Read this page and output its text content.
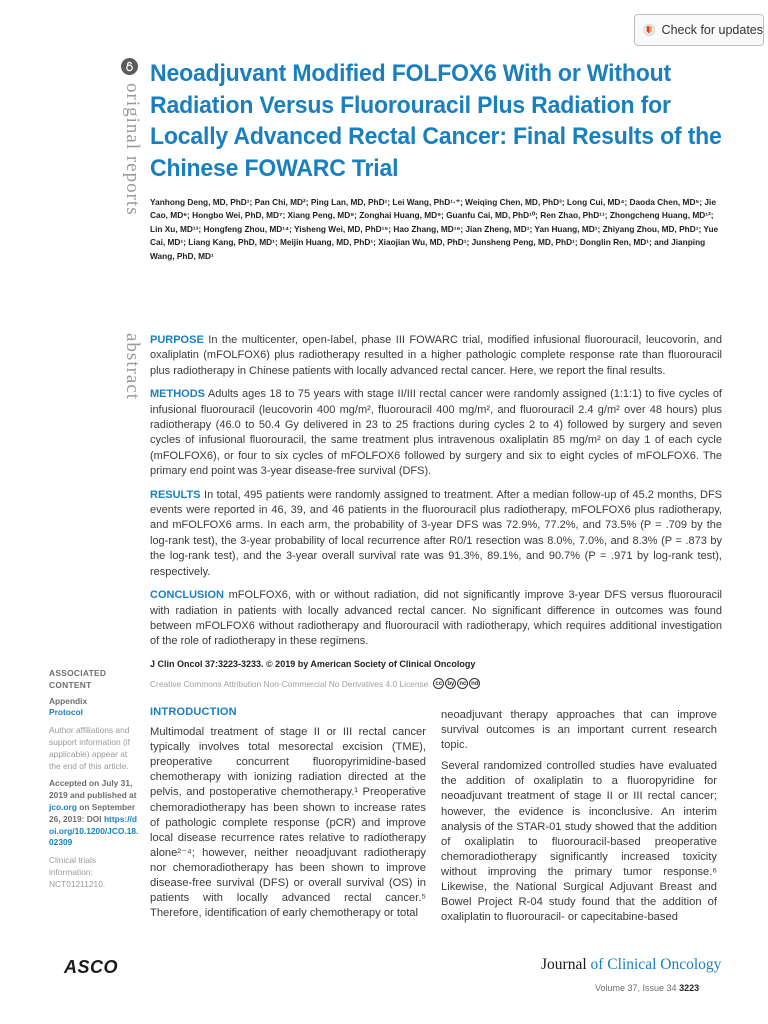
Check for updates
original reports
abstract
Neoadjuvant Modified FOLFOX6 With or Without Radiation Versus Fluorouracil Plus Radiation for Locally Advanced Rectal Cancer: Final Results of the Chinese FOWARC Trial
Yanhong Deng, MD, PhD¹; Pan Chi, MD²; Ping Lan, MD, PhD¹; Lei Wang, PhD¹·⁺; Weiqing Chen, MD, PhD³; Long Cui, MD⁴; Daoda Chen, MD⁵; Jie Cao, MD⁶; Hongbo Wei, PhD, MD⁷; Xiang Peng, MD⁸; Zonghai Huang, MD⁹; Guanfu Cai, MD, PhD¹⁰; Ren Zhao, PhD¹¹; Zhongcheng Huang, MD¹²; Lin Xu, MD¹³; Hongfeng Zhou, MD¹⁴; Yisheng Wei, MD, PhD¹⁵; Hao Zhang, MD¹⁶; Jian Zheng, MD¹; Yan Huang, MD¹; Zhiyang Zhou, MD, PhD¹; Yue Cai, MD¹; Liang Kang, PhD, MD¹; Meijin Huang, MD, PhD¹; Xiaojian Wu, MD, PhD¹; Junsheng Peng, MD, PhD¹; Donglin Ren, MD¹; and Jianping Wang, PhD, MD¹

PURPOSE In the multicenter, open-label, phase III FOWARC trial, modified infusional fluorouracil, leucovorin, and oxaliplatin (mFOLFOX6) plus radiotherapy resulted in a higher pathologic complete response rate than fluorouracil plus radiotherapy in Chinese patients with locally advanced rectal cancer. Here, we report the final results.

METHODS Adults ages 18 to 75 years with stage II/III rectal cancer were randomly assigned (1:1:1) to five cycles of infusional fluorouracil (leucovorin 400 mg/m², fluorouracil 400 mg/m², and fluorouracil 2.4 g/m² over 48 hours) plus radiotherapy (46.0 to 50.4 Gy delivered in 23 to 25 fractions during cycles 2 to 4) followed by surgery and seven cycles of infusional fluorouracil, the same treatment plus intravenous oxaliplatin 85 mg/m² on day 1 of each cycle (mFOLFOX6), or four to six cycles of mFOLFOX6 followed by surgery and six to eight cycles of mFOLFOX6. The primary end point was 3-year disease-free survival (DFS).

RESULTS In total, 495 patients were randomly assigned to treatment. After a median follow-up of 45.2 months, DFS events were reported in 46, 39, and 46 patients in the fluorouracil plus radiotherapy, mFOLFOX6 plus radiotherapy, and mFOLFOX6 arms. In each arm, the probability of 3-year DFS was 72.9%, 77.2%, and 73.5% (P = .709 by the log-rank test), the 3-year probability of local recurrence after R0/1 resection was 8.0%, 7.0%, and 8.3% (P = .873 by the log-rank test), and the 3-year overall survival rate was 91.3%, 89.1%, and 90.7% (P = .971 by log-rank test), respectively.

CONCLUSION mFOLFOX6, with or without radiation, did not significantly improve 3-year DFS versus fluorouracil with radiation in patients with locally advanced rectal cancer. No significant difference in outcomes was found between mFOLFOX6 without radiotherapy and fluorouracil with radiotherapy, which requires additional investigation of the role of radiotherapy in these regimens.

J Clin Oncol 37:3223-3233. © 2019 by American Society of Clinical Oncology
Creative Commons Attribution Non-Commercial No Derivatives 4.0 License	cc by nc nd
ASSOCIATED
CONTENT
Appendix
Protocol
Author affiliations and support information (if applicable) appear at the end of this article.
Accepted on July 31, 2019 and published at jco.org on September 26, 2019: DOI https://doi.org/10.1200/JCO.18.02309
Clinical trials information: NCT01211210.
INTRODUCTION

Multimodal treatment of stage II or III rectal cancer typically involves total mesorectal excision (TME), preoperative concurrent fluoropyrimidine-based chemotherapy with ionizing radiation directed at the pelvis, and postoperative chemotherapy.¹ Preoperative chemoradiotherapy has been shown to increase rates of pathologic complete response (pCR) and improve local disease recurrence rates relative to radiotherapy alone²⁻⁴; however, neither neoadjuvant radiotherapy nor chemoradiotherapy has been shown to improve disease-free survival (DFS) or overall survival (OS) in patients with locally advanced rectal cancer.⁵ Therefore, identification of early chemotherapy or total

neoadjuvant therapy approaches that can improve survival outcomes is an important current research topic.

Several randomized controlled studies have evaluated the addition of oxaliplatin to a fluoropyridine for neoadjuvant treatment of stage II or III rectal cancer; however, the evidence is inconclusive. An interim analysis of the STAR-01 study showed that the addition of oxaliplatin to fluorouracil-based preoperative chemoradiotherapy significantly increased toxicity without improving the primary tumor response.⁶ Likewise, the National Surgical Adjuvant Breast and Bowel Project R-04 study found that the addition of oxaliplatin to fluorouracil- or capecitabine-based

ASCO	Journal of Clinical Oncology
Volume 37, Issue 34 3223
